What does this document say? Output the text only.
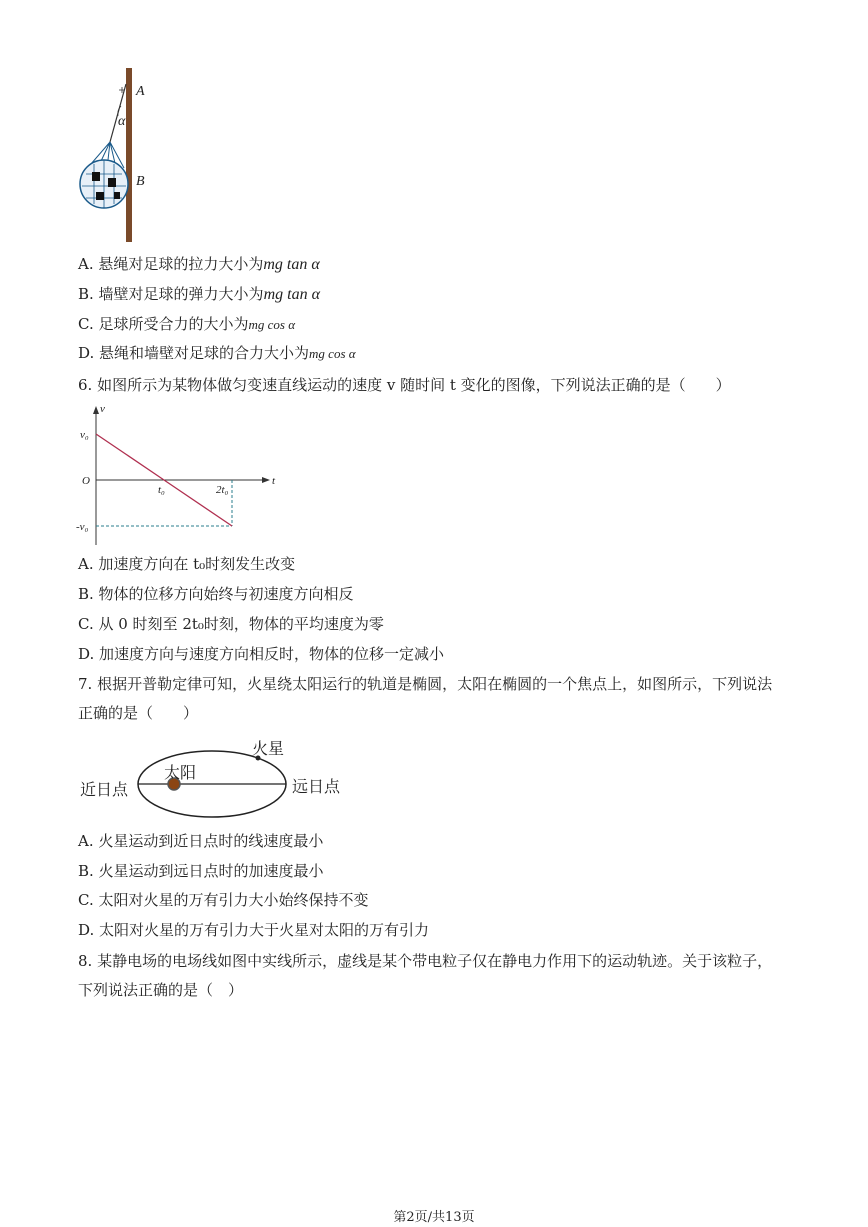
A
α
B
A. 悬绳对足球的拉力大小为mg tan α
B. 墙壁对足球的弹力大小为mg tan α
C. 足球所受合力的大小为mg cos α
D. 悬绳和墙壁对足球的合力大小为mg cos α
6. 如图所示为某物体做匀变速直线运动的速度 v 随时间 t 变化的图像，下列说法正确的是（　　）
v
t
O
v₀
-v₀
t₀	2t₀
A. 加速度方向在 t₀时刻发生改变
B. 物体的位移方向始终与初速度方向相反
C. 从 0 时刻至 2t₀时刻，物体的平均速度为零
D. 加速度方向与速度方向相反时，物体的位移一定减小
7. 根据开普勒定律可知，火星绕太阳运行的轨道是椭圆，太阳在椭圆的一个焦点上，如图所示，下列说法
正确的是（　　）
火星
太阳
近日点	远日点
A. 火星运动到近日点时的线速度最小
B. 火星运动到远日点时的加速度最小
C. 太阳对火星的万有引力大小始终保持不变
D. 太阳对火星的万有引力大于火星对太阳的万有引力
8. 某静电场的电场线如图中实线所示，虚线是某个带电粒子仅在静电力作用下的运动轨迹。关于该粒子，
下列说法正确的是（　）
第2页/共13页
